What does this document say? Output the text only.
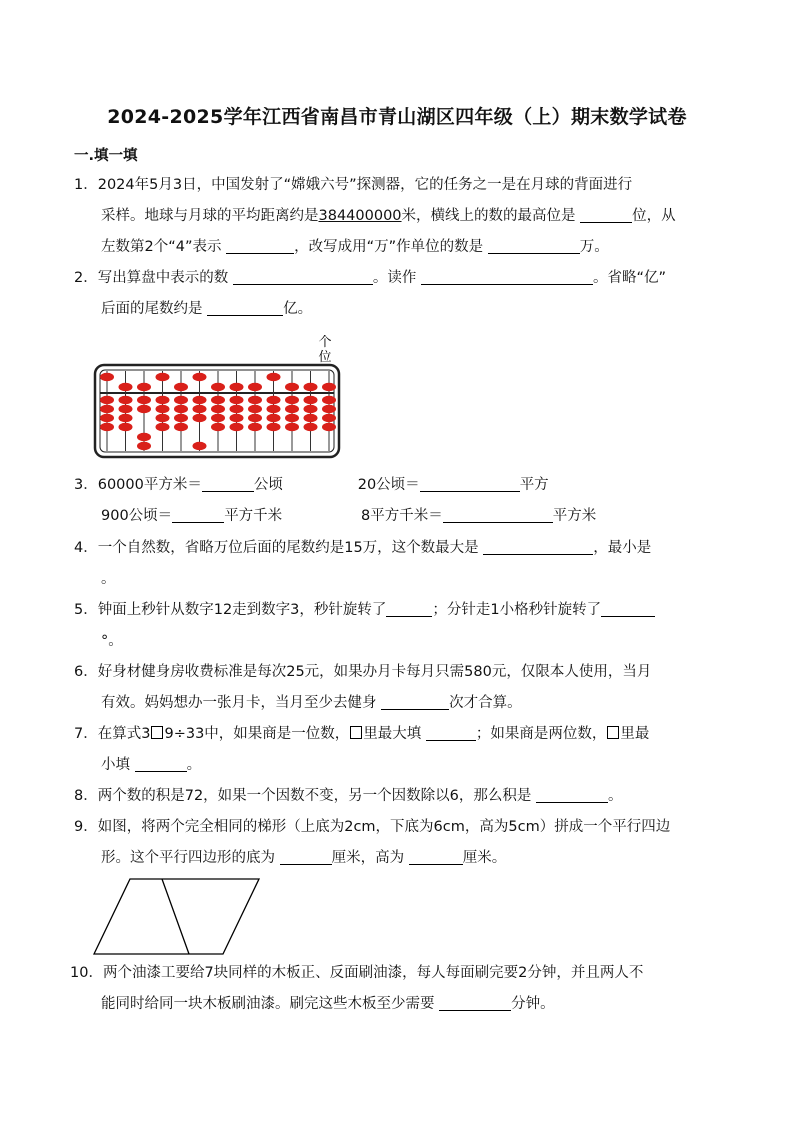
2024-2025学年江西省南昌市青山湖区四年级（上）期末数学试卷
一.填一填
1．2024年5月3日，中国发射了“嫦娥六号”探测器，它的任务之一是在月球的背面进行
采样。地球与月球的平均距离约是384400000米，横线上的数的最高位是	位，从
左数第2个“4”表示	，改写成用“万”作单位的数是	万。
2．写出算盘中表示的数	。读作	。省略“亿”
后面的尾数约是	亿。
个
位
3．60000平方米＝	公顷	20公顷＝	平方
900公顷＝	平方千米	8平方千米＝	平方米
4．一个自然数，省略万位后面的尾数约是15万，这个数最大是	，最小是
。
5．钟面上秒针从数字12走到数字3，秒针旋转了	；分针走1小格秒针旋转了
°。
6．好身材健身房收费标准是每次25元，如果办月卡每月只需580元，仅限本人使用，当月
有效。妈妈想办一张月卡，当月至少去健身	次才合算。
7．在算式3 9÷33中，如果商是一位数， 里最大填	；如果商是两位数， 里最
小填	。
8．两个数的积是72，如果一个因数不变，另一个因数除以6，那么积是	。
9．如图，将两个完全相同的梯形（上底为2cm，下底为6cm，高为5cm）拼成一个平行四边
形。这个平行四边形的底为	厘米，高为	厘米。
10．两个油漆工要给7块同样的木板正、反面刷油漆，每人每面刷完要2分钟，并且两人不
能同时给同一块木板刷油漆。刷完这些木板至少需要	分钟。
